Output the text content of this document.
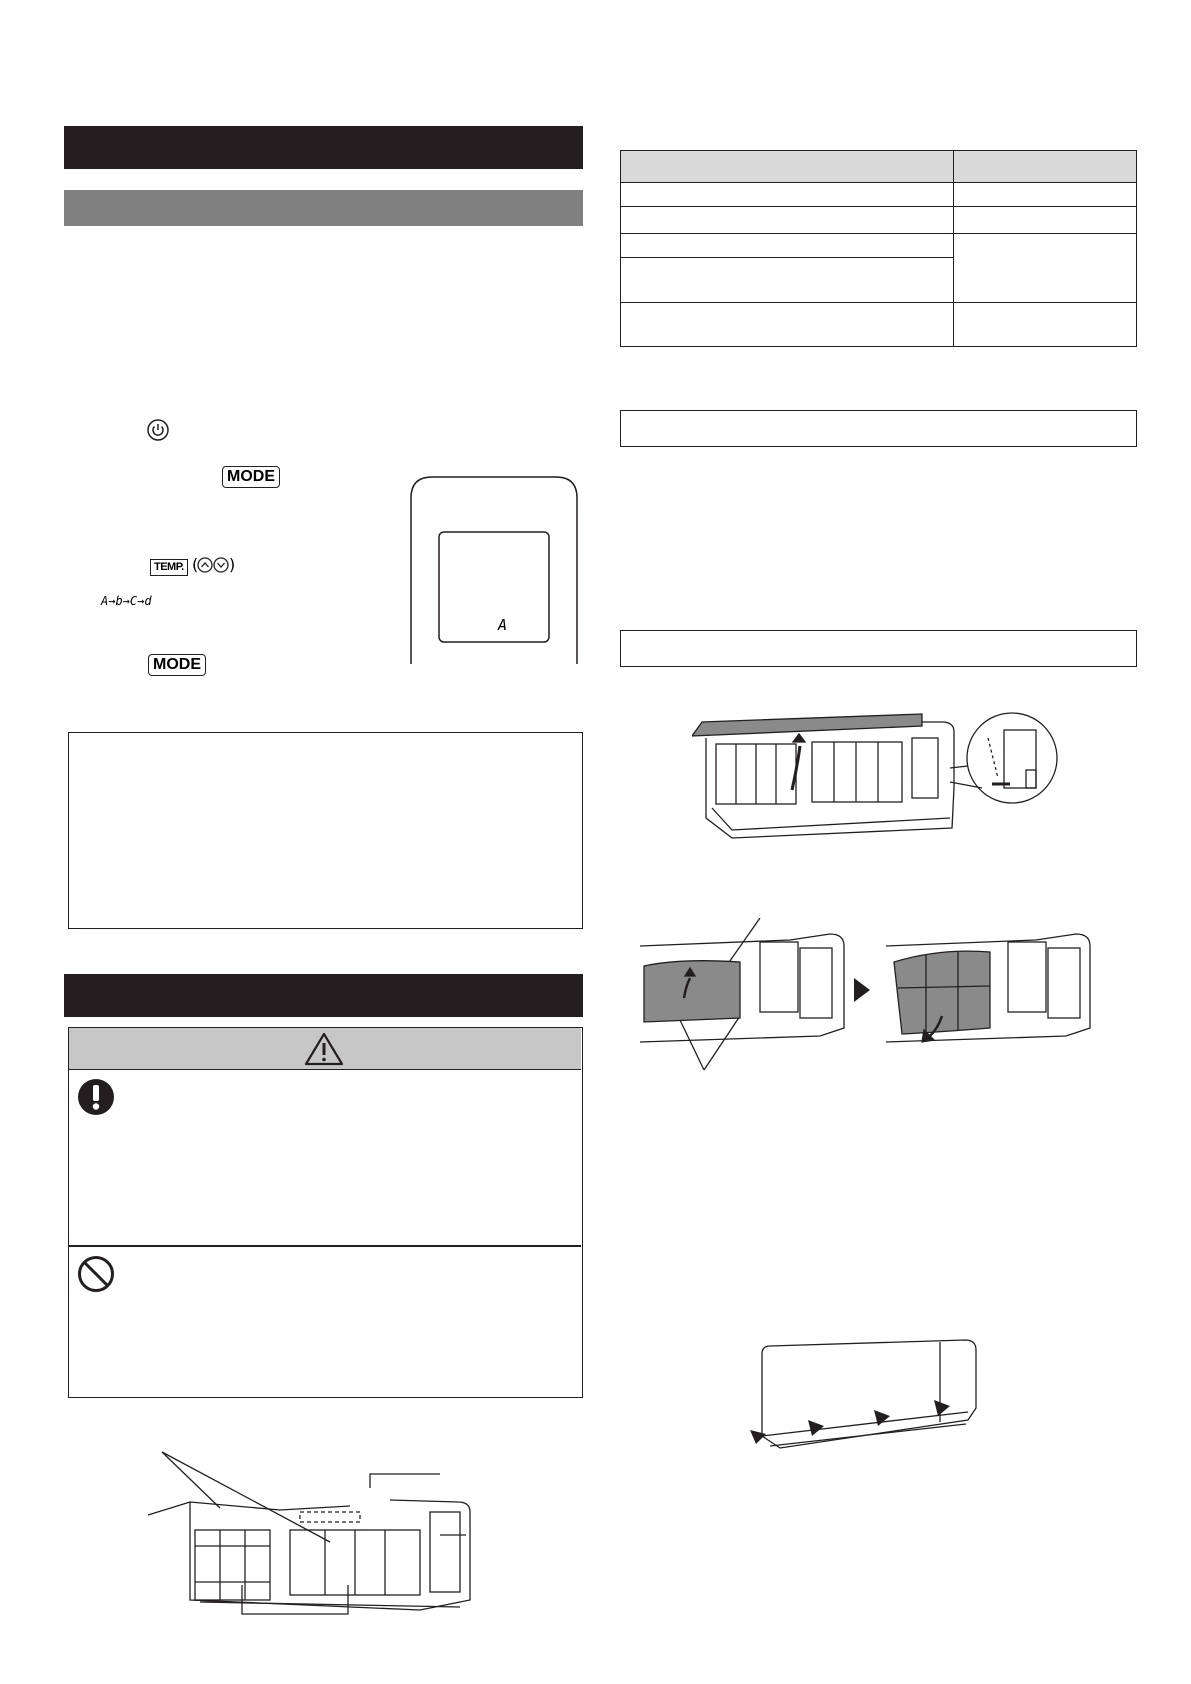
MODE
TEMP. ( )
A→b→C→d
MODE
A
